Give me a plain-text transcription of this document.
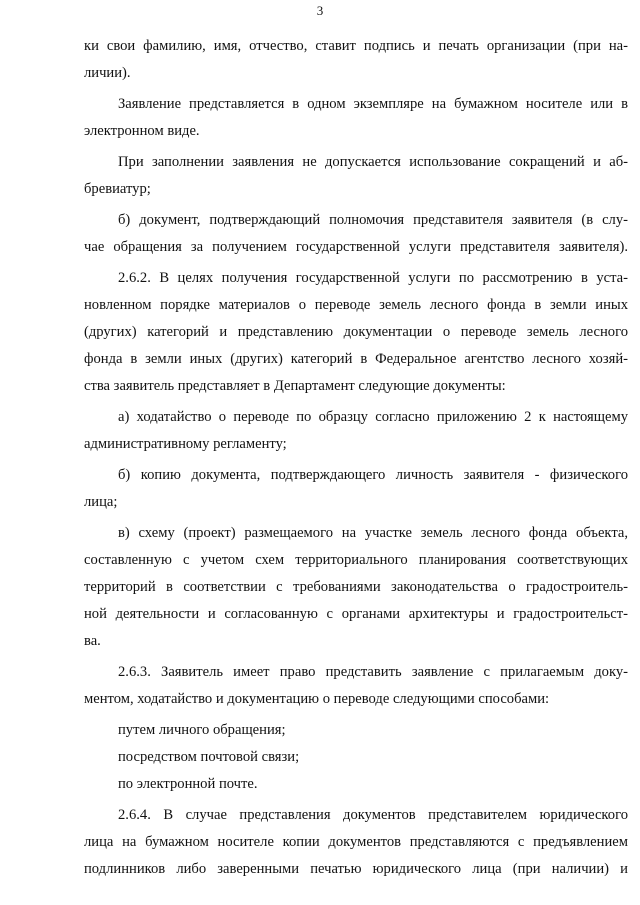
3
ки свои фамилию, имя, отчество, ставит подпись и печать организации (при на-
личии).
Заявление представляется в одном экземпляре на бумажном носителе или в
электронном виде.
При заполнении заявления не допускается использование сокращений и аб-
бревиатур;
б) документ, подтверждающий полномочия представителя заявителя (в слу-
чае обращения за получением государственной услуги представителя заявителя).
2.6.2. В целях получения государственной услуги по рассмотрению в уста-
новленном порядке материалов о переводе земель лесного фонда в земли иных
(других) категорий и представлению документации о переводе земель лесного
фонда в земли иных (других) категорий в Федеральное агентство лесного хозяй-
ства заявитель представляет в Департамент следующие документы:
а) ходатайство о переводе по образцу согласно приложению 2 к настоящему
административному регламенту;
б) копию документа, подтверждающего личность заявителя - физического
лица;
в) схему (проект) размещаемого на участке земель лесного фонда объекта,
составленную с учетом схем территориального планирования соответствующих
территорий в соответствии с требованиями законодательства о градостроитель-
ной деятельности и согласованную с органами архитектуры и градостроительст-
ва.
2.6.3. Заявитель имеет право представить заявление с прилагаемым доку-
ментом, ходатайство и документацию о переводе следующими способами:
путем личного обращения;
посредством почтовой связи;
по электронной почте.
2.6.4. В случае представления документов представителем юридического
лица на бумажном носителе копии документов представляются с предъявлением
подлинников либо заверенными печатью юридического лица (при наличии) и
